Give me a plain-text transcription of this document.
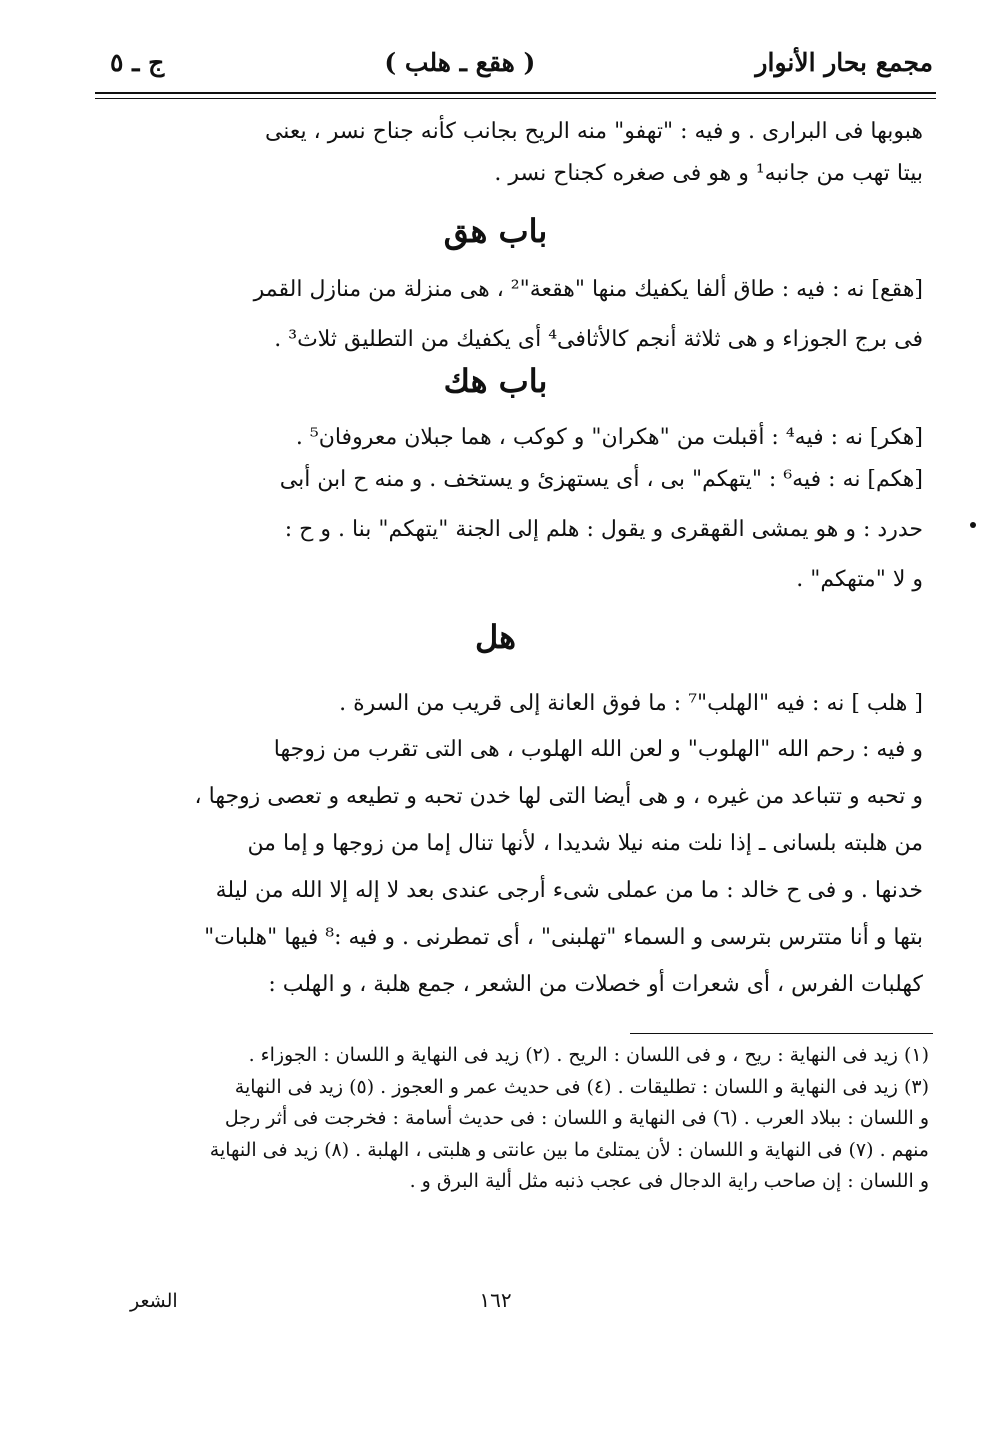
مجمع بحار الأنوار
( هقع ـ هلب )
ج ـ ٥
هبوبها فى البرارى . و فيه : "تهفو" منه الريح بجانب كأنه جناح نسر ، يعنى
بيتا تهب من جانبه¹ و هو فى صغره كجناح نسر .
باب هق
[هقع] نه : فيه : طاق ألفا يكفيك منها "هقعة"² ، هى منزلة من منازل القمر
فى برج الجوزاء و هى ثلاثة أنجم كالأثافى⁴ أى يكفيك من التطليق ثلاث³ .
باب هك
[هكر] نه : فيه⁴ : أقبلت من "هكران" و كوكب ، هما جبلان معروفان⁵ .
[هكم] نه : فيه⁶ : "يتهكم" بى ، أى يستهزئ و يستخف . و منه ح ابن أبى
حدرد : و هو يمشى القهقرى و يقول : هلم إلى الجنة "يتهكم" بنا . و ح :
و لا "متهكم" .
هل
[ هلب ] نه : فيه "الهلب"⁷ : ما فوق العانة إلى قريب من السرة .
و فيه : رحم الله "الهلوب" و لعن الله الهلوب ، هى التى تقرب من زوجها
و تحبه و تتباعد من غيره ، و هى أيضا التى لها خدن تحبه و تطيعه و تعصى زوجها ،
من هلبته بلسانى ـ إذا نلت منه نيلا شديدا ، لأنها تنال إما من زوجها و إما من
خدنها . و فى ح خالد : ما من عملى شىء أرجى عندى بعد لا إله إلا الله من ليلة
بتها و أنا متترس بترسى و السماء "تهلبنى" ، أى تمطرنى . و فيه :⁸ فيها "هلبات"
كهلبات الفرس ، أى شعرات أو خصلات من الشعر ، جمع هلبة ، و الهلب :
(١) زيد فى النهاية : ريح ، و فى اللسان : الريح . (٢) زيد فى النهاية و اللسان : الجوزاء .
(٣) زيد فى النهاية و اللسان : تطليقات . (٤) فى حديث عمر و العجوز . (٥) زيد فى النهاية
و اللسان : ببلاد العرب . (٦) فى النهاية و اللسان : فى حديث أسامة : فخرجت فى أثر رجل
منهم . (٧) فى النهاية و اللسان : لأن يمتلئ ما بين عانتى و هلبتى ، الهلبة . (٨) زيد فى النهاية
و اللسان : إن صاحب راية الدجال فى عجب ذنبه مثل ألية البرق و .
١٦٢
الشعر
